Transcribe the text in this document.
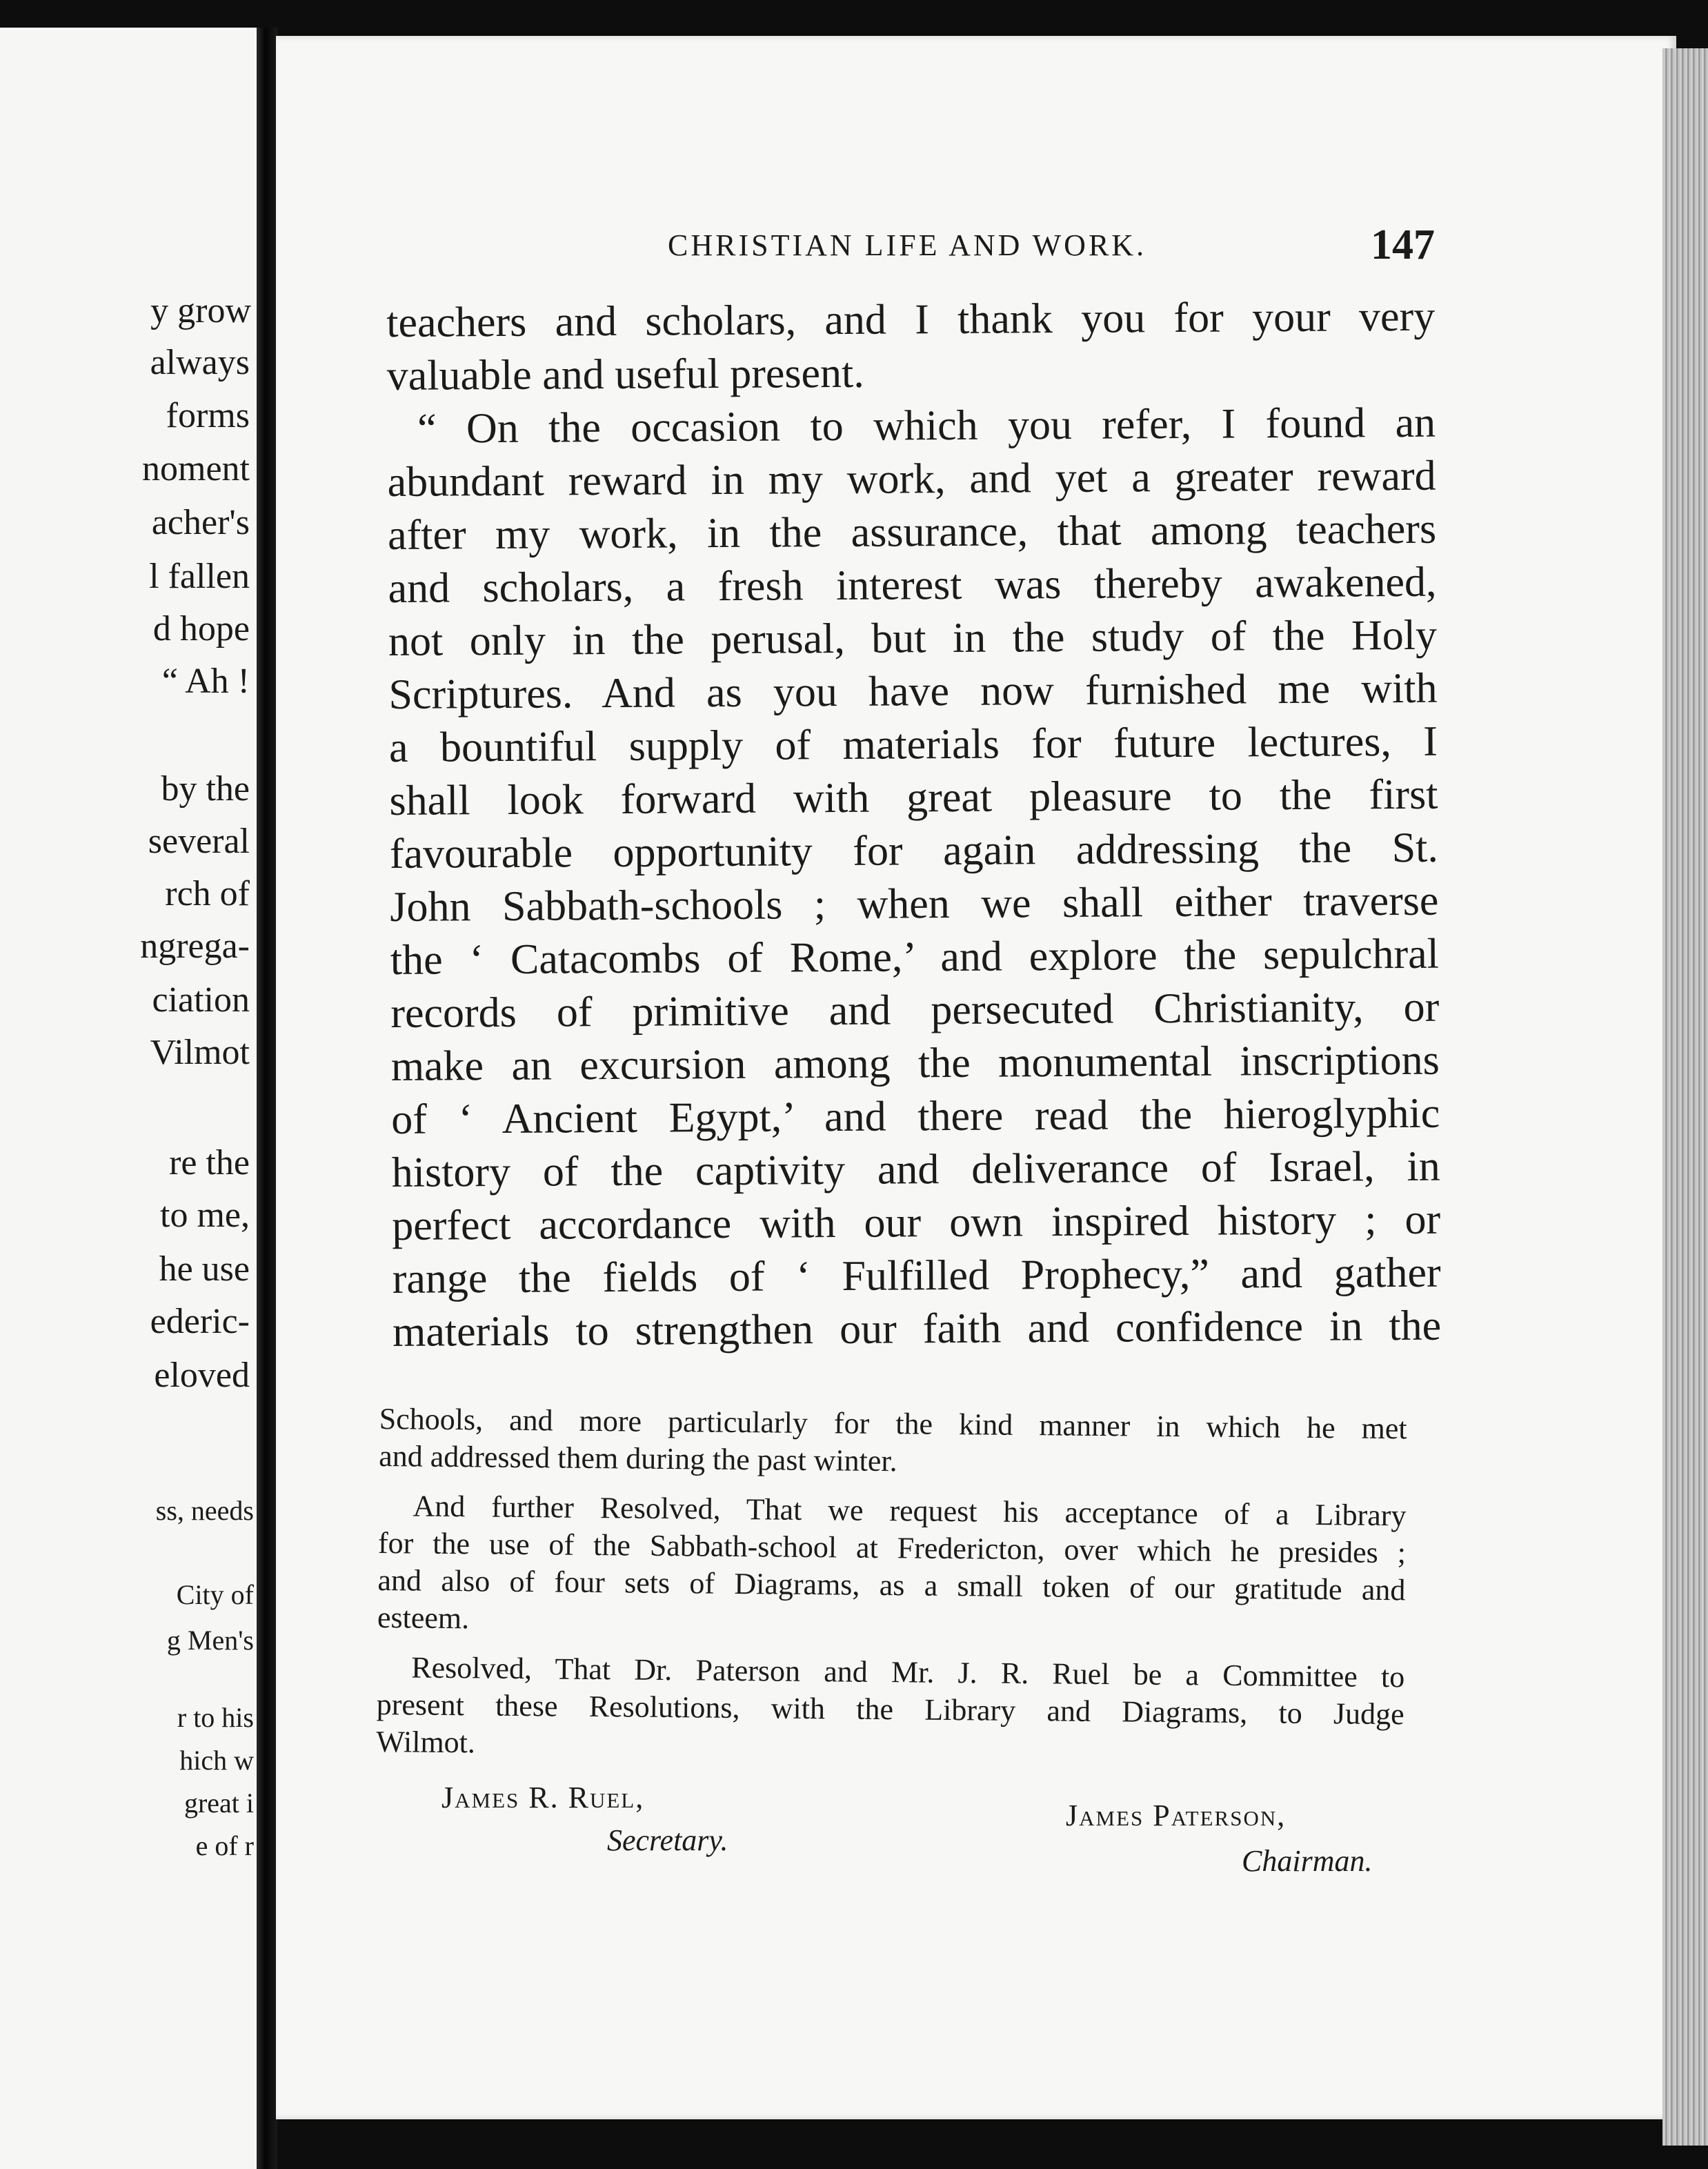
y grow
always
forms
noment
acher's
l fallen
d hope
“ Ah !
by the
several
rch of
ngrega-
ciation
Vilmot
re the
to me,
he use
ederic-
eloved
ss, needs
City of
g Men's
r to his
hich w
great i
e of r
CHRISTIAN LIFE AND WORK.	147
teachers and scholars, and I thank you for your very
valuable and useful present.
“ On the occasion to which you refer, I found an
abundant reward in my work, and yet a greater reward
after my work, in the assurance, that among teachers
and scholars, a fresh interest was thereby awakened,
not only in the perusal, but in the study of the Holy
Scriptures. And as you have now furnished me with
a bountiful supply of materials for future lectures, I
shall look forward with great pleasure to the first
favourable opportunity for again addressing the St.
John Sabbath-schools ; when we shall either traverse
the ‘ Catacombs of Rome,’ and explore the sepulchral
records of primitive and persecuted Christianity, or
make an excursion among the monumental inscriptions
of ‘ Ancient Egypt,’ and there read the hieroglyphic
history of the captivity and deliverance of Israel, in
perfect accordance with our own inspired history ; or
range the fields of ‘ Fulfilled Prophecy,” and gather
materials to strengthen our faith and confidence in the
Schools, and more particularly for the kind manner in which he met
and addressed them during the past winter.
And further Resolved, That we request his acceptance of a Library
for the use of the Sabbath-school at Fredericton, over which he presides ;
and also of four sets of Diagrams, as a small token of our gratitude and
esteem.
Resolved, That Dr. Paterson and Mr. J. R. Ruel be a Committee to
present these Resolutions, with the Library and Diagrams, to Judge
Wilmot.
James R. Ruel,
Secretary.
James Paterson,
Chairman.
